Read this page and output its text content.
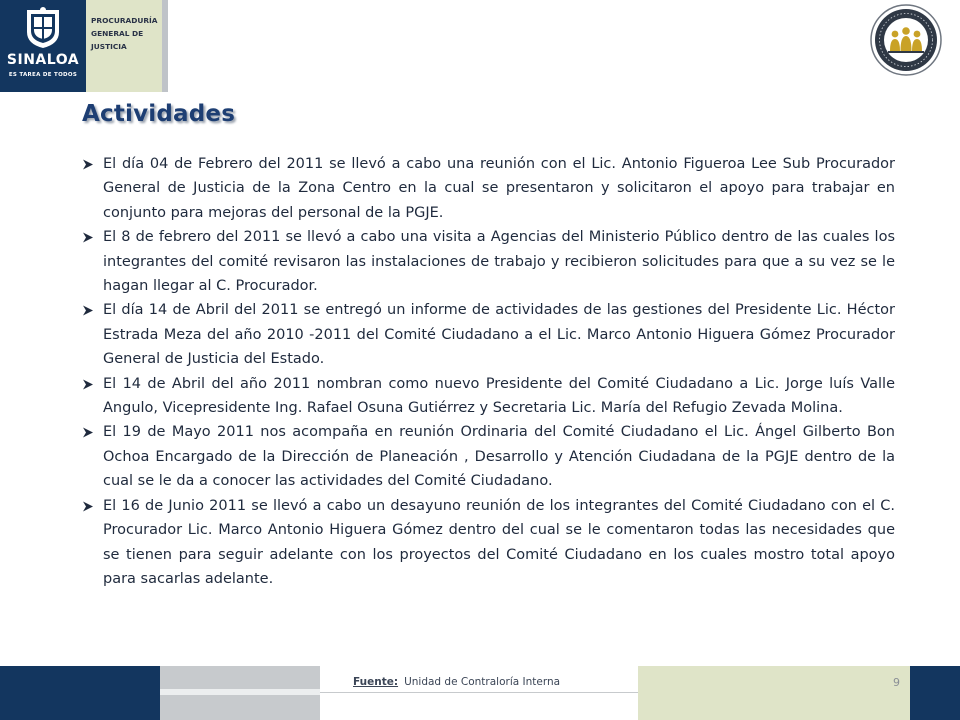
SINALOA
ES TAREA DE TODOS
PROCURADURÍA
GENERAL DE
JUSTICIA
Actividades
El día 04 de Febrero del 2011 se llevó a cabo una reunión con el Lic. Antonio Figueroa Lee Sub Procurador General de Justicia de la Zona Centro en la cual se presentaron y solicitaron el apoyo para trabajar en conjunto para mejoras del personal de la PGJE.
El 8 de febrero del 2011 se llevó a cabo una visita a Agencias del Ministerio Público dentro de las cuales los integrantes del comité revisaron las instalaciones de trabajo y recibieron solicitudes para que a su vez se le hagan llegar al C. Procurador.
El día 14 de Abril del 2011 se entregó un informe de actividades de las gestiones del Presidente Lic. Héctor Estrada Meza del año 2010 -2011 del Comité Ciudadano a el Lic. Marco Antonio Higuera Gómez Procurador General de Justicia del Estado.
El 14 de Abril del año 2011 nombran como nuevo Presidente del Comité Ciudadano a Lic. Jorge luís Valle Angulo, Vicepresidente Ing. Rafael Osuna Gutiérrez y Secretaria Lic. María del Refugio Zevada Molina.
El 19 de Mayo 2011 nos acompaña en reunión Ordinaria del Comité Ciudadano el Lic. Ángel Gilberto Bon Ochoa Encargado de la Dirección de Planeación , Desarrollo y Atención Ciudadana de la PGJE dentro de la cual se le da a conocer las actividades del Comité Ciudadano.
El 16 de Junio 2011 se llevó a cabo un desayuno reunión de los integrantes del Comité Ciudadano con el C. Procurador Lic. Marco Antonio Higuera Gómez dentro del cual se le comentaron todas las necesidades que se tienen para seguir adelante con los proyectos del Comité Ciudadano en los cuales mostro total apoyo para sacarlas adelante.
Fuente: Unidad de Contraloría Interna	9
